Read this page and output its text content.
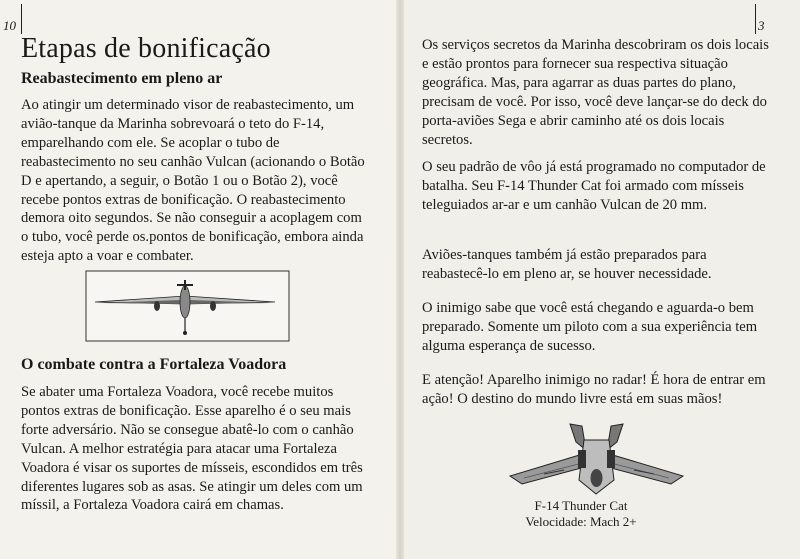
10	3
Etapas de bonificação
Reabastecimento em pleno ar

Ao atingir um determinado visor de reabastecimento, um avião-tanque da Marinha sobrevoará o teto do F-14, emparelhando com ele. Se acoplar o tubo de reabastecimento no seu canhão Vulcan (acionando o Botão D e apertando, a seguir, o Botão 1 ou o Botão 2), você recebe pontos extras de bonificação. O reabastecimento demora oito segundos. Se não conseguir a acoplagem com o tubo, você perde os.pontos de bonificação, embora ainda esteja apto a voar e combater.

O combate contra a Fortaleza Voadora

Se abater uma Fortaleza Voadora, você recebe muitos pontos extras de bonificação. Esse aparelho é o seu mais forte adversário. Não se consegue abatê-lo com o canhão Vulcan. A melhor estratégia para atacar uma Fortaleza Voadora é visar os suportes de mísseis, escondidos em três diferentes lugares sob as asas. Se atingir um deles com um míssil, a Fortaleza Voadora cairá em chamas.

Os serviços secretos da Marinha descobriram os dois locais e estão prontos para fornecer sua respectiva situação geográfica. Mas, para agarrar as duas partes do plano, precisam de você. Por isso, você deve lançar-se do deck do porta-aviões Sega e abrir caminho até os dois locais secretos.

O seu padrão de vôo já está programado no computador de batalha. Seu F-14 Thunder Cat foi armado com mísseis teleguiados ar-ar e um canhão Vulcan de 20 mm.

Aviões-tanques também já estão preparados para reabastecê-lo em pleno ar, se houver necessidade.

O inimigo sabe que você está chegando e aguarda-o bem preparado. Somente um piloto com a sua experiência tem alguma esperança de sucesso.

E atenção! Aparelho inimigo no radar! É hora de entrar em ação! O destino do mundo livre está em suas mãos!

F-14 Thunder Cat
Velocidade: Mach 2+
